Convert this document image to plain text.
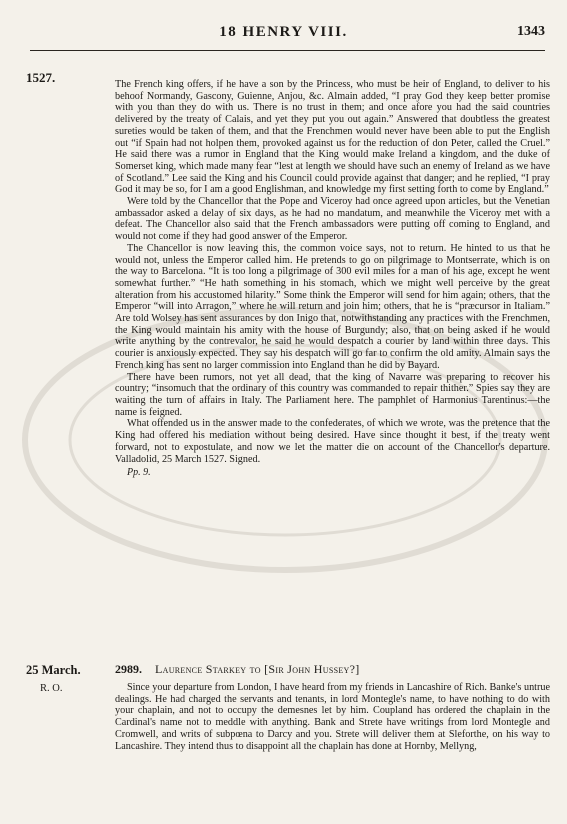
18 HENRY VIII.	1343
1527.	The French king offers, if he have a son by the Princess, who must be heir of England, to deliver to his behoof Normandy, Gascony, Guienne, Anjou, &c. Almain added, “I pray God they keep better promise with you than they do with us. There is no trust in them; and once afore you had the said countries delivered by the treaty of Calais, and yet they put you out again.” Answered that doubtless the greatest sureties would be taken of them, and that the Frenchmen would never have been able to put the English out “if Spain had not holpen them, provoked against us for the reduction of don Peter, called the Cruel.” He said there was a rumor in England that the King would make Ireland a kingdom, and the duke of Somerset king, which made many fear “lest at length we should have such an enemy of Ireland as we have of Scotland.” Lee said the King and his Council could provide against that danger; and he replied, “I pray God it may be so, for I am a good Englishman, and knowledge my first setting forth to come by England.”

Were told by the Chancellor that the Pope and Viceroy had once agreed upon articles, but the Venetian ambassador asked a delay of six days, as he had no mandatum, and meanwhile the Viceroy met with a defeat. The Chancellor also said that the French ambassadors were putting off coming to England, and would not come if they had good answer of the Emperor.

The Chancellor is now leaving this, the common voice says, not to return. He hinted to us that he would not, unless the Emperor called him. He pretends to go on pilgrimage to Montserrate, which is on the way to Barcelona. “It is too long a pilgrimage of 300 evil miles for a man of his age, except he went somewhat further.” “He hath something in his stomach, which we might well perceive by the great alteration from his accustomed hilarity.” Some think the Emperor will send for him again; others, that the Emperor “will into Arragon,” where he will return and join him; others, that he is “præcursor in Italiam.” Are told Wolsey has sent assurances by don Inigo that, notwithstanding any practices with the Frenchmen, the King would maintain his amity with the house of Burgundy; also, that on being asked if he would write anything by the contrevalor, he said he would despatch a courier by land within three days. This courier is anxiously expected. They say his despatch will go far to confirm the old amity. Almain says the French king has sent no larger commission into England than he did by Bayard.

There have been rumors, not yet all dead, that the king of Navarre was preparing to recover his country; “insomuch that the ordinary of this country was commanded to repair thither.” Spies say they are waiting the turn of affairs in Italy. The Parliament here. The pamphlet of Harmonius Tarentinus:—the name is feigned.

What offended us in the answer made to the confederates, of which we wrote, was the pretence that the King had offered his mediation without being desired. Have since thought it best, if the treaty went forward, not to expostulate, and now we let the matter die on account of the Chancellor's departure. Valladolid, 25 March 1527. Signed.

Pp. 9.

25 March.
R. O.
2989. Laurence Starkey to [Sir John Hussey?]

Since your departure from London, I have heard from my friends in Lancashire of Rich. Banke's untrue dealings. He had charged the servants and tenants, in lord Montegle's name, to have nothing to do with your chaplain, and not to occupy the demesnes let by him. Coupland has ordered the chaplain in the Cardinal's name not to meddle with anything. Bank and Strete have writings from lord Montegle and Cromwell, and writs of subpœna to Darcy and you. Strete will deliver them at Sleforthe, on his way to Lancashire. They intend thus to disappoint all the chaplain has done at Hornby, Mellyng,
